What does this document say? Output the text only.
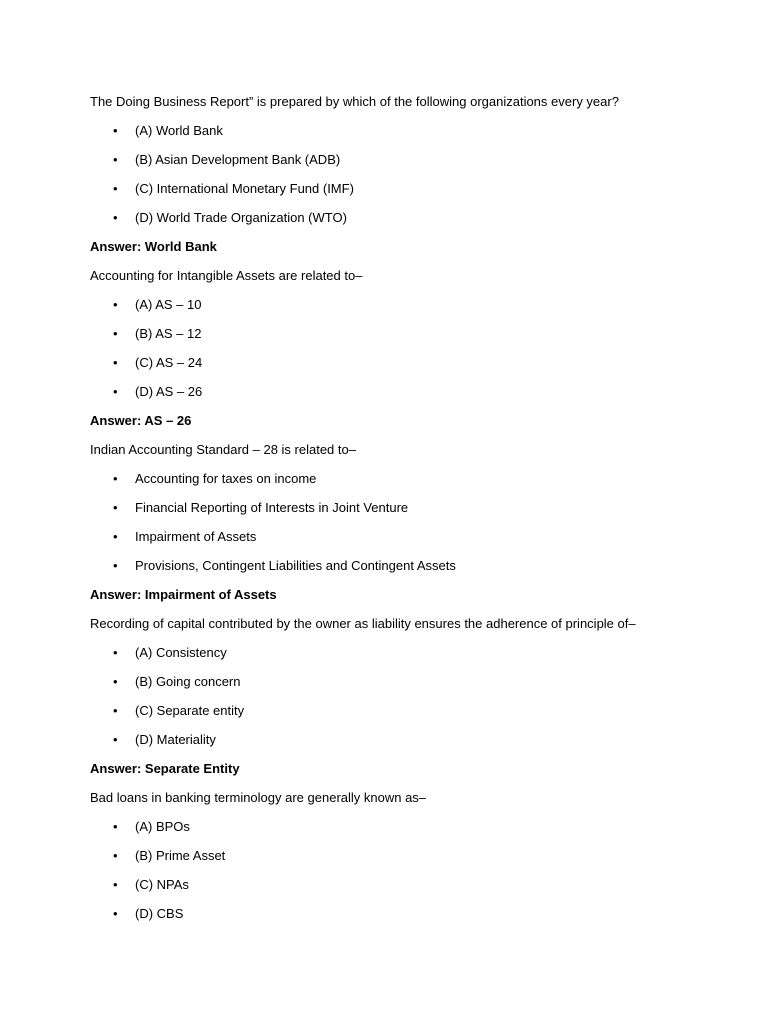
The Doing Business Report” is prepared by which of the following organizations every year?
• (A) World Bank
• (B) Asian Development Bank (ADB)
• (C) International Monetary Fund (IMF)
• (D) World Trade Organization (WTO)
Answer: World Bank
Accounting for Intangible Assets are related to–
• (A) AS – 10
• (B) AS – 12
• (C) AS – 24
• (D) AS – 26
Answer: AS – 26
Indian Accounting Standard – 28 is related to–
• Accounting for taxes on income
• Financial Reporting of Interests in Joint Venture
• Impairment of Assets
• Provisions, Contingent Liabilities and Contingent Assets
Answer: Impairment of Assets
Recording of capital contributed by the owner as liability ensures the adherence of principle of–
• (A) Consistency
• (B) Going concern
• (C) Separate entity
• (D) Materiality
Answer: Separate Entity
Bad loans in banking terminology are generally known as–
• (A) BPOs
• (B) Prime Asset
• (C) NPAs
• (D) CBS
